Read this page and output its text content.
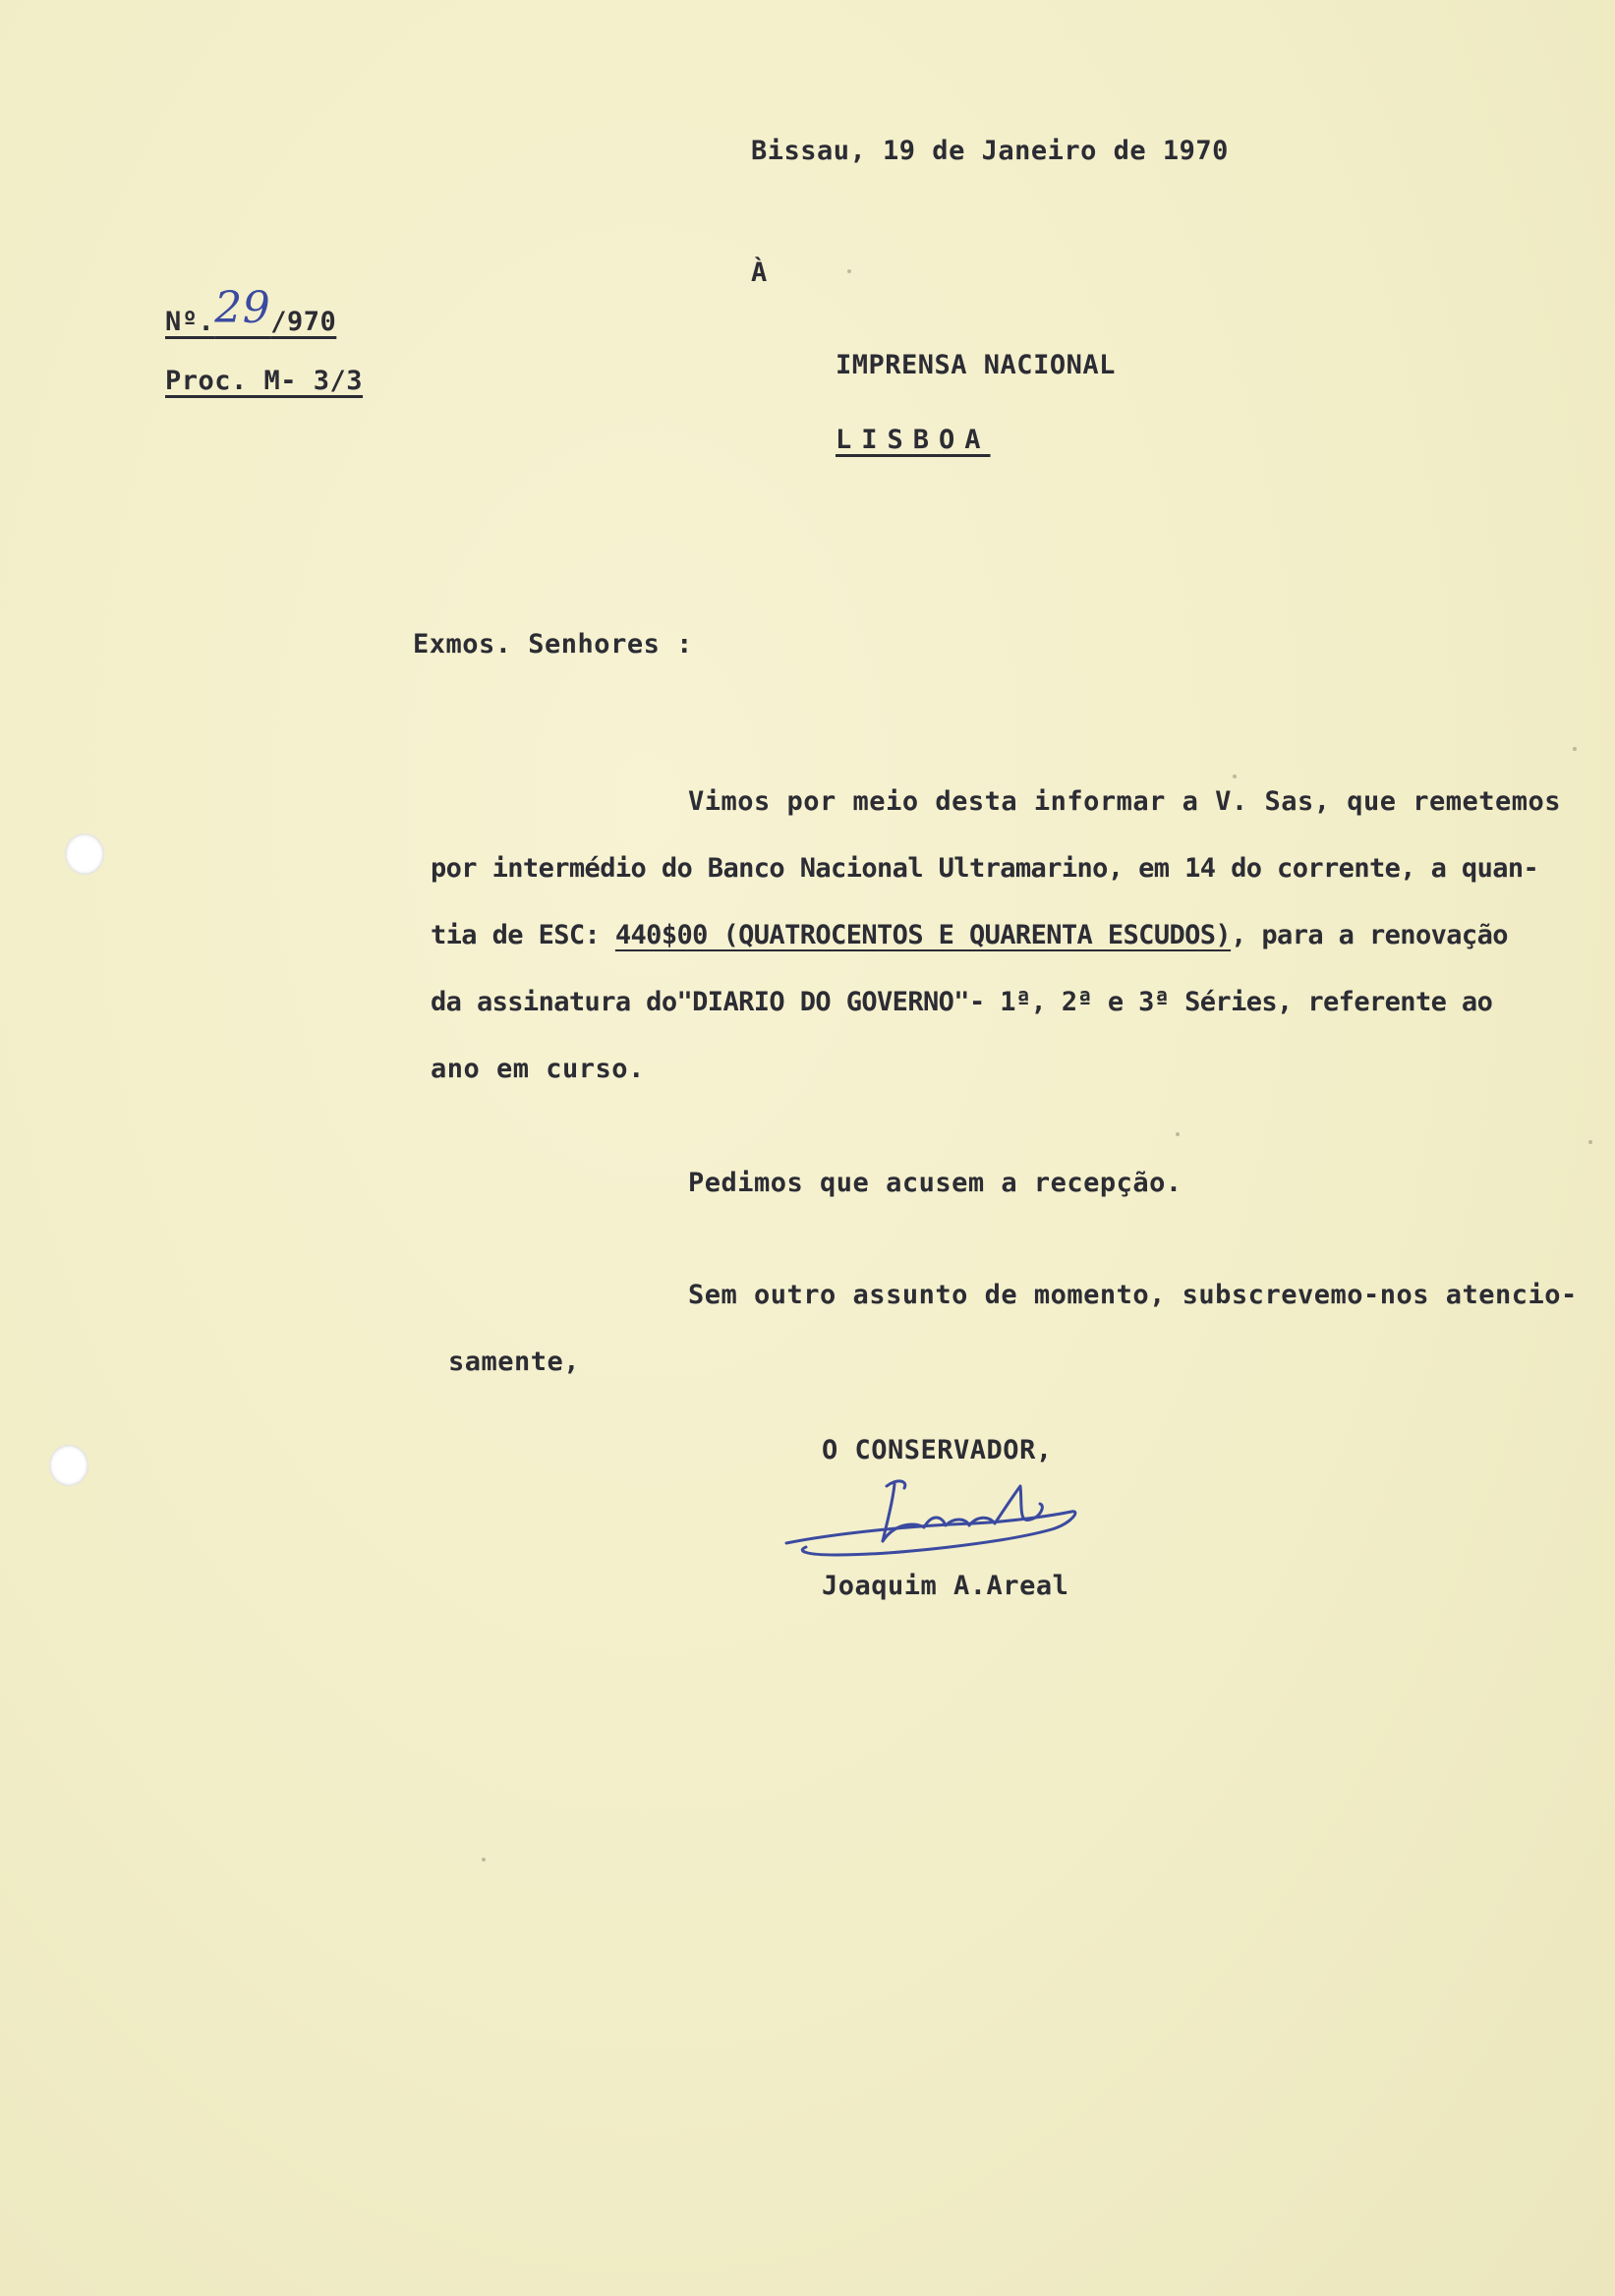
Bissau, 19 de Janeiro de 1970
À
Nº.29/970
Proc. M- 3/3
IMPRENSA NACIONAL
LISBOA
Exmos. Senhores :
Vimos por meio desta informar a V. Sas, que remetemos
por intermédio do Banco Nacional Ultramarino, em 14 do corrente, a quan-
tia de ESC: 440$00 (QUATROCENTOS E QUARENTA ESCUDOS), para a renovação
da assinatura do"DIARIO DO GOVERNO"- 1ª, 2ª e 3ª Séries, referente ao
ano em curso.
Pedimos que acusem a recepção.
Sem outro assunto de momento, subscrevemo-nos atencio-
samente,
O CONSERVADOR,
Joaquim A.Areal
